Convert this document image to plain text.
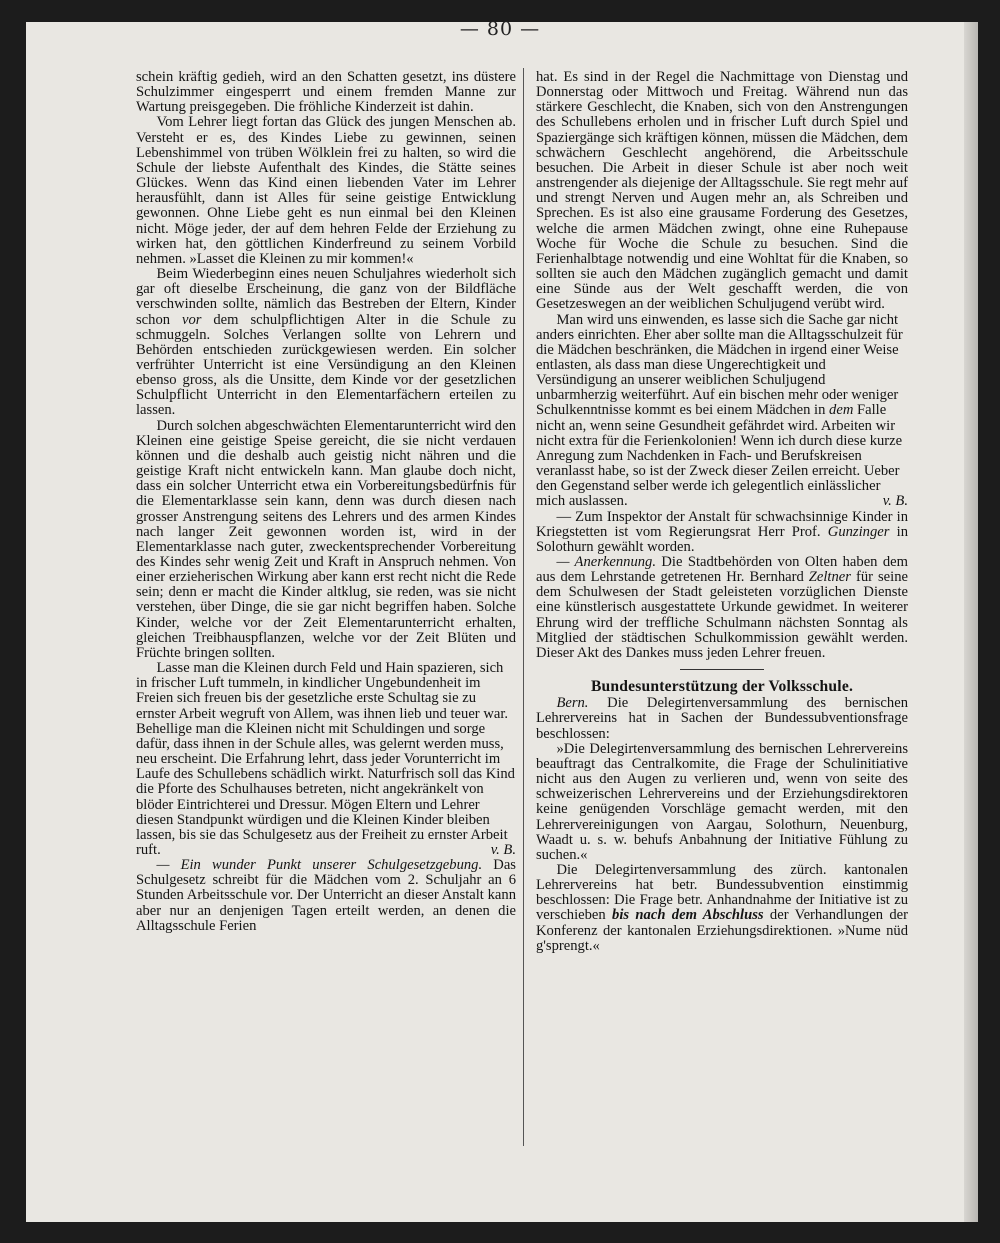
— 80 —

schein kräftig gedieh, wird an den Schatten gesetzt, ins düstere Schulzimmer eingesperrt und einem fremden Manne zur Wartung preisgegeben. Die fröhliche Kinderzeit ist dahin.

Vom Lehrer liegt fortan das Glück des jungen Menschen ab. Versteht er es, des Kindes Liebe zu gewinnen, seinen Lebenshimmel von trüben Wölklein frei zu halten, so wird die Schule der liebste Aufenthalt des Kindes, die Stätte seines Glückes. Wenn das Kind einen liebenden Vater im Lehrer herausfühlt, dann ist Alles für seine geistige Entwicklung gewonnen. Ohne Liebe geht es nun einmal bei den Kleinen nicht. Möge jeder, der auf dem hehren Felde der Erziehung zu wirken hat, den göttlichen Kinderfreund zu seinem Vorbild nehmen. »Lasset die Kleinen zu mir kommen!«

Beim Wiederbeginn eines neuen Schuljahres wiederholt sich gar oft dieselbe Erscheinung, die ganz von der Bildfläche verschwinden sollte, nämlich das Bestreben der Eltern, Kinder schon vor dem schulpflichtigen Alter in die Schule zu schmuggeln. Solches Verlangen sollte von Lehrern und Behörden entschieden zurückgewiesen werden. Ein solcher verfrühter Unterricht ist eine Versündigung an den Kleinen ebenso gross, als die Unsitte, dem Kinde vor der gesetzlichen Schulpflicht Unterricht in den Elementarfächern erteilen zu lassen.

Durch solchen abgeschwächten Elementarunterricht wird den Kleinen eine geistige Speise gereicht, die sie nicht verdauen können und die deshalb auch geistig nicht nähren und die geistige Kraft nicht entwickeln kann. Man glaube doch nicht, dass ein solcher Unterricht etwa ein Vorbereitungsbedürfnis für die Elementarklasse sein kann, denn was durch diesen nach grosser Anstrengung seitens des Lehrers und des armen Kindes nach langer Zeit gewonnen worden ist, wird in der Elementarklasse nach guter, zweckentsprechender Vorbereitung des Kindes sehr wenig Zeit und Kraft in Anspruch nehmen. Von einer erzieherischen Wirkung aber kann erst recht nicht die Rede sein; denn er macht die Kinder altklug, sie reden, was sie nicht verstehen, über Dinge, die sie gar nicht begriffen haben. Solche Kinder, welche vor der Zeit Elementarunterricht erhalten, gleichen Treibhauspflanzen, welche vor der Zeit Blüten und Früchte bringen sollten.

Lasse man die Kleinen durch Feld und Hain spazieren, sich in frischer Luft tummeln, in kindlicher Ungebundenheit im Freien sich freuen bis der gesetzliche erste Schultag sie zu ernster Arbeit wegruft von Allem, was ihnen lieb und teuer war. Behellige man die Kleinen nicht mit Schuldingen und sorge dafür, dass ihnen in der Schule alles, was gelernt werden muss, neu erscheint. Die Erfahrung lehrt, dass jeder Vorunterricht im Laufe des Schullebens schädlich wirkt. Naturfrisch soll das Kind die Pforte des Schulhauses betreten, nicht angekränkelt von blöder Eintrichterei und Dressur. Mögen Eltern und Lehrer diesen Standpunkt würdigen und die Kleinen Kinder bleiben lassen, bis sie das Schulgesetz aus der Freiheit zu ernster Arbeit ruft.	v. B.

— Ein wunder Punkt unserer Schulgesetzgebung. Das Schulgesetz schreibt für die Mädchen vom 2. Schuljahr an 6 Stunden Arbeitsschule vor. Der Unterricht an dieser Anstalt kann aber nur an denjenigen Tagen erteilt werden, an denen die Alltagsschule Ferien

hat. Es sind in der Regel die Nachmittage von Dienstag und Donnerstag oder Mittwoch und Freitag. Während nun das stärkere Geschlecht, die Knaben, sich von den Anstrengungen des Schullebens erholen und in frischer Luft durch Spiel und Spaziergänge sich kräftigen können, müssen die Mädchen, dem schwächern Geschlecht angehörend, die Arbeitsschule besuchen. Die Arbeit in dieser Schule ist aber noch weit anstrengender als diejenige der Alltagsschule. Sie regt mehr auf und strengt Nerven und Augen mehr an, als Schreiben und Sprechen. Es ist also eine grausame Forderung des Gesetzes, welche die armen Mädchen zwingt, ohne eine Ruhepause Woche für Woche die Schule zu besuchen. Sind die Ferienhalbtage notwendig und eine Wohltat für die Knaben, so sollten sie auch den Mädchen zugänglich gemacht und damit eine Sünde aus der Welt geschafft werden, die von Gesetzeswegen an der weiblichen Schuljugend verübt wird.

Man wird uns einwenden, es lasse sich die Sache gar nicht anders einrichten. Eher aber sollte man die Alltagsschulzeit für die Mädchen beschränken, die Mädchen in irgend einer Weise entlasten, als dass man diese Ungerechtigkeit und Versündigung an unserer weiblichen Schuljugend unbarmherzig weiterführt. Auf ein bischen mehr oder weniger Schulkenntnisse kommt es bei einem Mädchen in dem Falle nicht an, wenn seine Gesundheit gefährdet wird. Arbeiten wir nicht extra für die Ferienkolonien! Wenn ich durch diese kurze Anregung zum Nachdenken in Fach- und Berufskreisen veranlasst habe, so ist der Zweck dieser Zeilen erreicht. Ueber den Gegenstand selber werde ich gelegentlich einlässlicher mich auslassen.	v. B.

— Zum Inspektor der Anstalt für schwachsinnige Kinder in Kriegstetten ist vom Regierungsrat Herr Prof. Gunzinger in Solothurn gewählt worden.

— Anerkennung. Die Stadtbehörden von Olten haben dem aus dem Lehrstande getretenen Hr. Bernhard Zeltner für seine dem Schulwesen der Stadt geleisteten vorzüglichen Dienste eine künstlerisch ausgestattete Urkunde gewidmet. In weiterer Ehrung wird der treffliche Schulmann nächsten Sonntag als Mitglied der städtischen Schulkommission gewählt werden. Dieser Akt des Dankes muss jeden Lehrer freuen.

Bundesunterstützung der Volksschule.

Bern. Die Delegirtenversammlung des bernischen Lehrervereins hat in Sachen der Bundessubventionsfrage beschlossen:

»Die Delegirtenversammlung des bernischen Lehrervereins beauftragt das Centralkomite, die Frage der Schulinitiative nicht aus den Augen zu verlieren und, wenn von seite des schweizerischen Lehrervereins und der Erziehungsdirektoren keine genügenden Vorschläge gemacht werden, mit den Lehrervereinigungen von Aargau, Solothurn, Neuenburg, Waadt u. s. w. behufs Anbahnung der Initiative Fühlung zu suchen.«

Die Delegirtenversammlung des zürch. kantonalen Lehrervereins hat betr. Bundessubvention einstimmig beschlossen: Die Frage betr. Anhandnahme der Initiative ist zu verschieben bis nach dem Abschluss der Verhandlungen der Konferenz der kantonalen Erziehungsdirektionen. »Nume nüd g'sprengt.«
